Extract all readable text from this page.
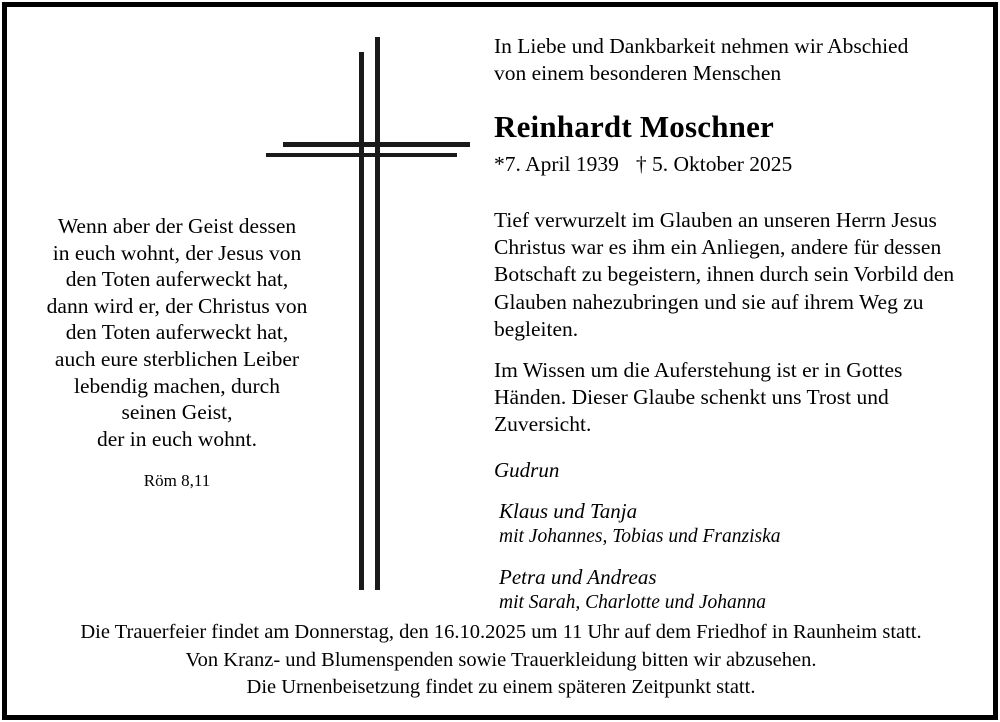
Wenn aber der Geist dessen
in euch wohnt, der Jesus von
den Toten auferweckt hat,
dann wird er, der Christus von
den Toten auferweckt hat,
auch eure sterblichen Leiber
lebendig machen, durch
seinen Geist,
der in euch wohnt.
Röm 8,11
In Liebe und Dankbarkeit nehmen wir Abschied
von einem besonderen Menschen
Reinhardt Moschner
*7. April 1939 † 5. Oktober 2025

Tief verwurzelt im Glauben an unseren Herrn Jesus Christus war es ihm ein Anliegen, andere für dessen Botschaft zu begeistern, ihnen durch sein Vorbild den Glauben nahezubringen und sie auf ihrem Weg zu begleiten.

Im Wissen um die Auferstehung ist er in Gottes Händen. Dieser Glaube schenkt uns Trost und Zuversicht.

Gudrun
Klaus und Tanja
mit Johannes, Tobias und Franziska
Petra und Andreas
mit Sarah, Charlotte und Johanna
Die Trauerfeier findet am Donnerstag, den 16.10.2025 um 11 Uhr auf dem Friedhof in Raunheim statt.
Von Kranz- und Blumenspenden sowie Trauerkleidung bitten wir abzusehen.
Die Urnenbeisetzung findet zu einem späteren Zeitpunkt statt.
